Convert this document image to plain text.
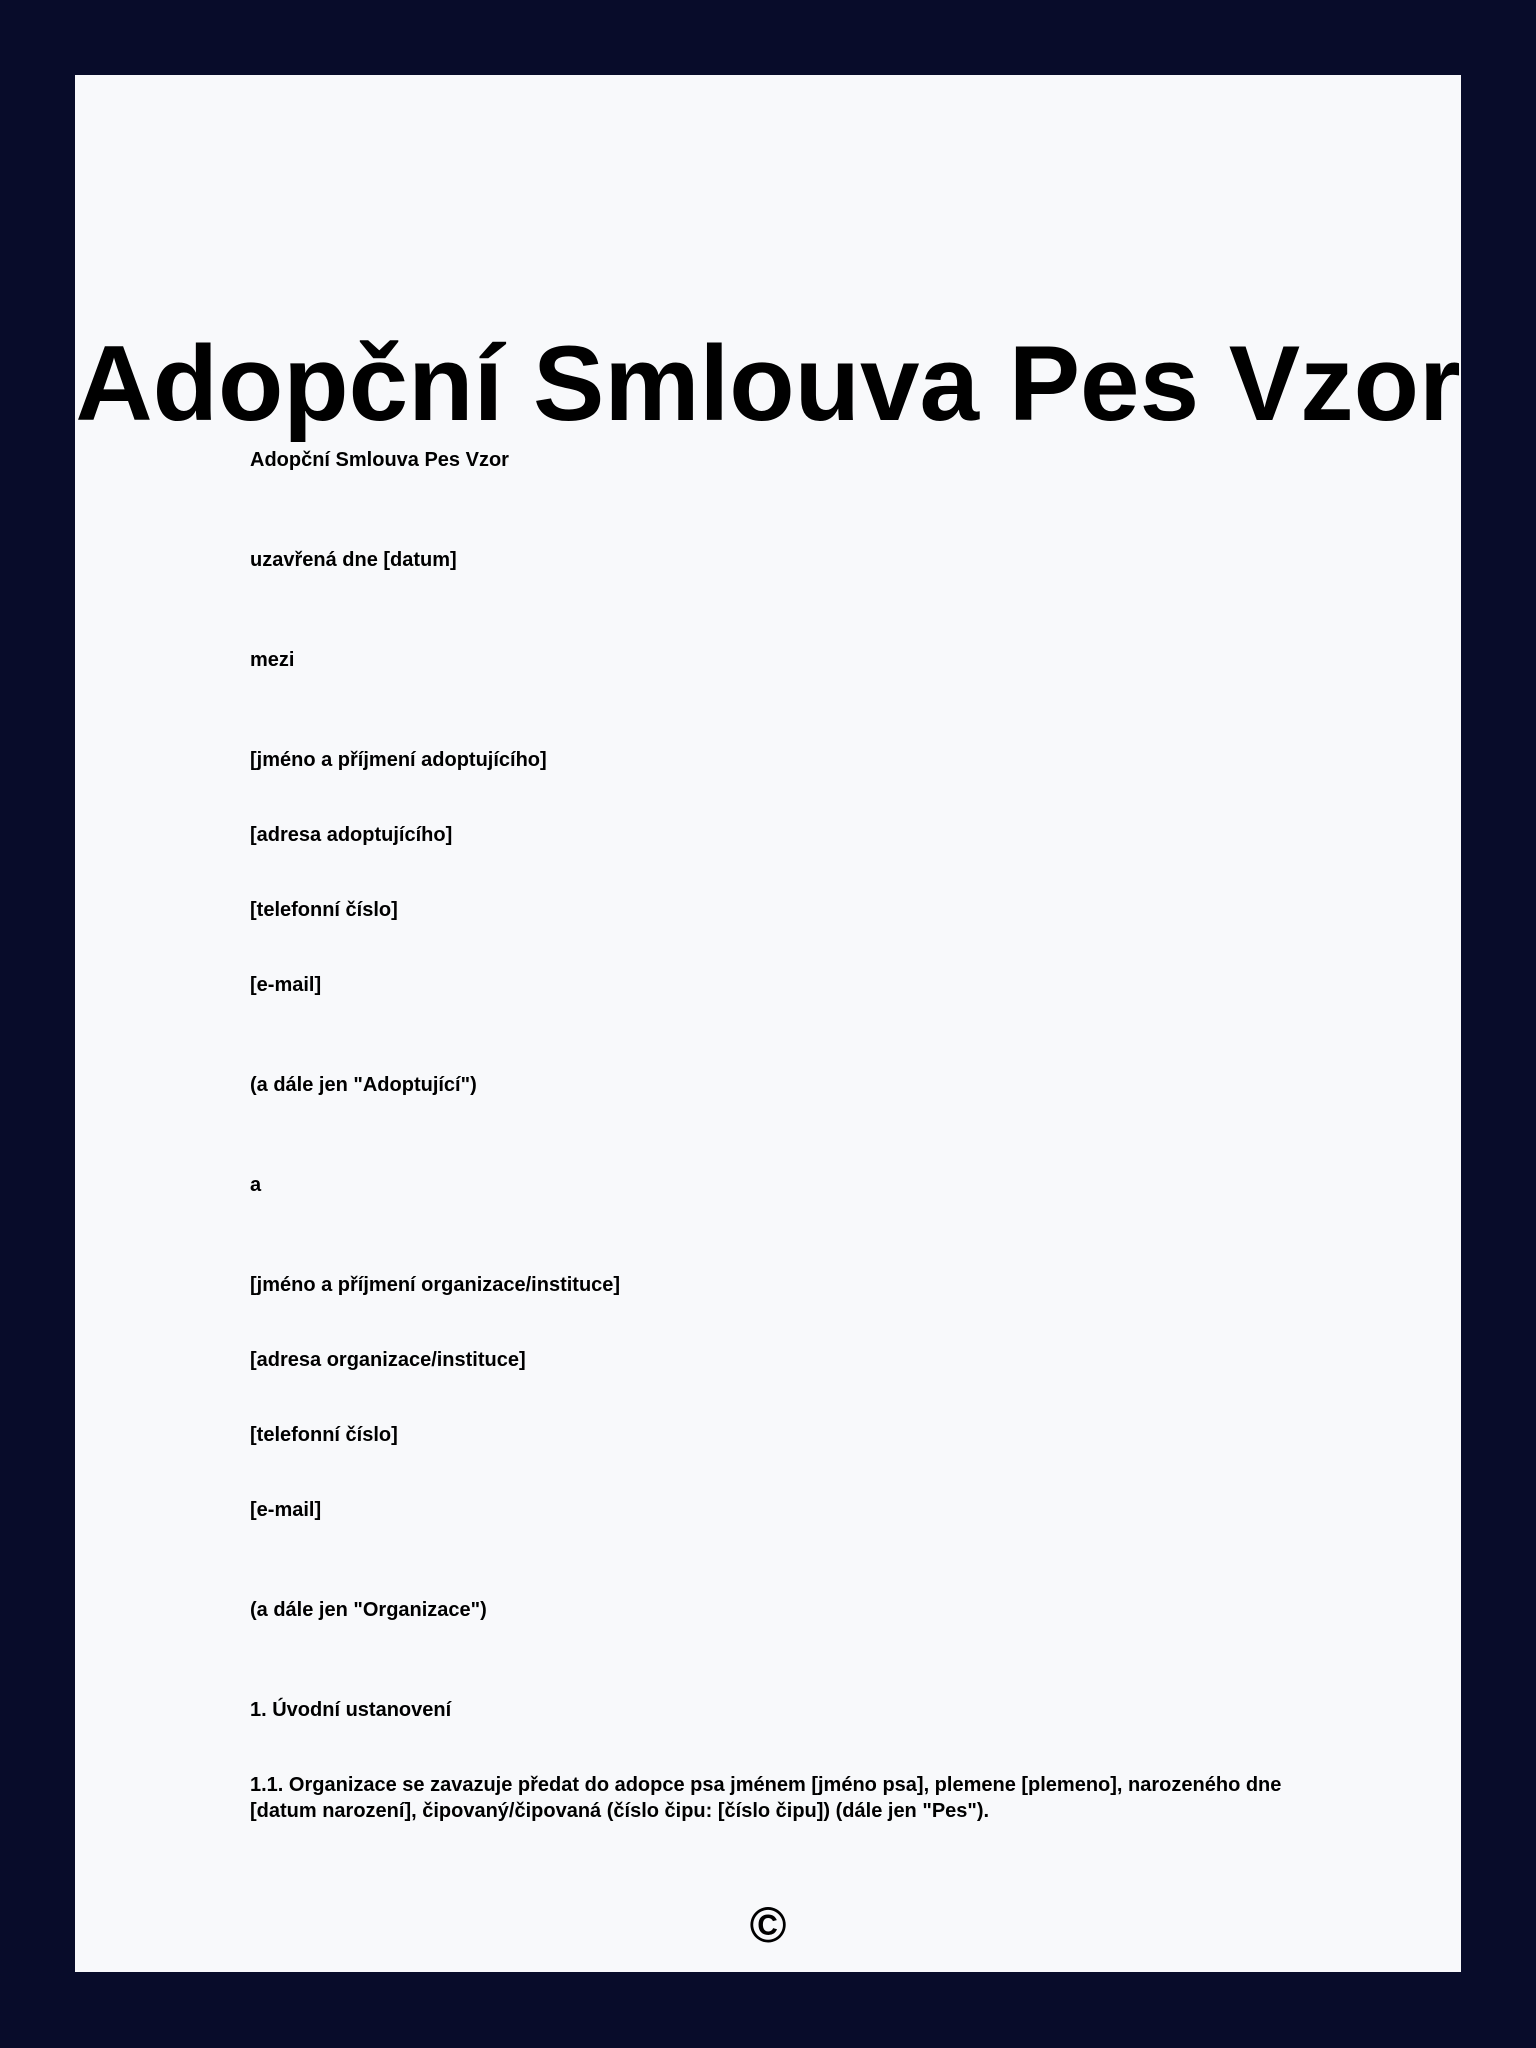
Adopční Smlouva Pes Vzor

Adopční Smlouva Pes Vzor

uzavřená dne [datum]

mezi

[jméno a příjmení adoptujícího]

[adresa adoptujícího]

[telefonní číslo]

[e-mail]

(a dále jen "Adoptující")

a

[jméno a příjmení organizace/instituce]

[adresa organizace/instituce]

[telefonní číslo]

[e-mail]

(a dále jen "Organizace")

1. Úvodní ustanovení

1.1. Organizace se zavazuje předat do adopce psa jménem [jméno psa], plemene [plemeno], narozeného dne [datum narození], čipovaný/čipovaná (číslo čipu: [číslo čipu]) (dále jen "Pes").

©
